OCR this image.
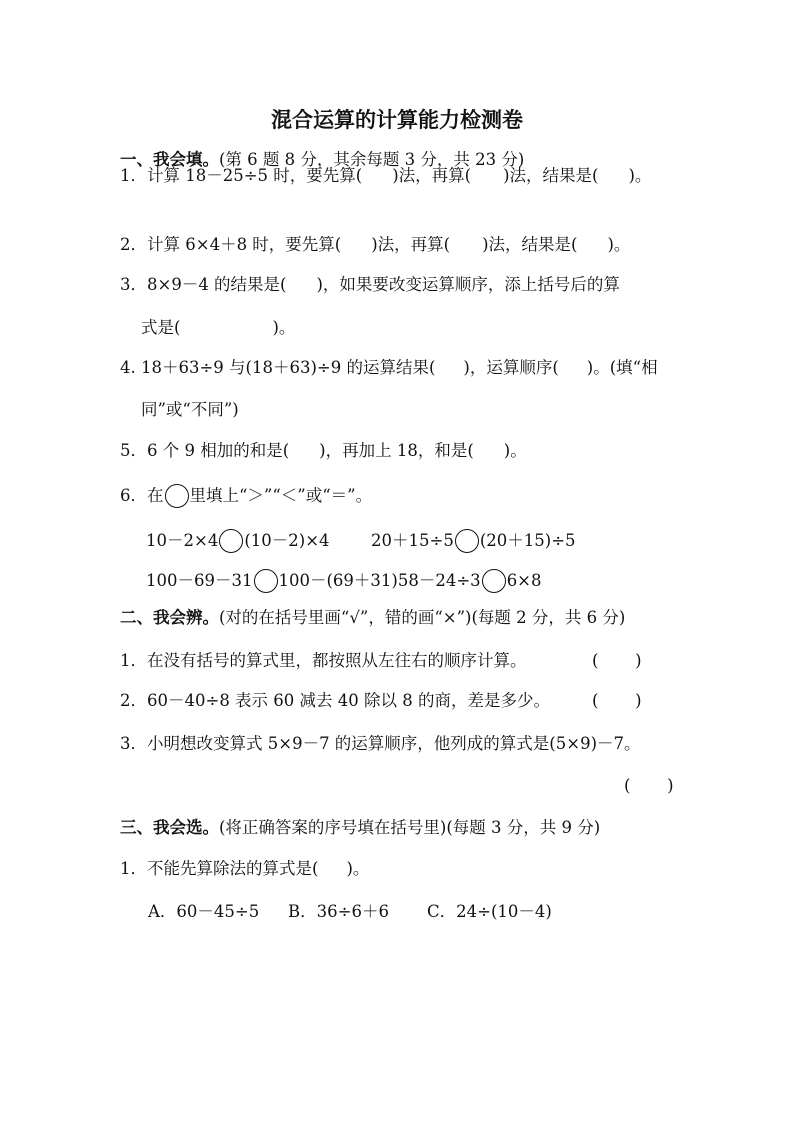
混合运算的计算能力检测卷
一、我会填。(第 6 题 8 分，其余每题 3 分，共 23 分)
1．计算 18－25÷5 时，要先算( )法，再算( )法，结果是( )。
2．计算 6×4＋8 时，要先算( )法，再算( )法，结果是( )。
3．8×9－4 的结果是( )，如果要改变运算顺序，添上括号后的算
式是(	)。
4. 18＋63÷9 与(18＋63)÷9 的运算结果( )，运算顺序( )。(填“相
同”或“不同”)
5．6 个 9 相加的和是( )，再加上 18，和是( )。
6．在 里填上“＞”“＜”或“＝”。
10－2×4 (10－2)×4	20＋15÷5 (20＋15)÷5
100－69－31 100－(69＋31)58－24÷3 6×8
二、我会辨。(对的在括号里画“√”，错的画“×”)(每题 2 分，共 6 分)
1．在没有括号的算式里，都按照从左往右的顺序计算。	(       )
2．60－40÷8 表示 60 减去 40 除以 8 的商，差是多少。	(       )
3．小明想改变算式 5×9－7 的运算顺序，他列成的算式是(5×9)－7。
(       )
三、我会选。(将正确答案的序号填在括号里)(每题 3 分，共 9 分)
1．不能先算除法的算式是( )。
A．60－45÷5 B．36÷6＋6 C．24÷(10－4)
